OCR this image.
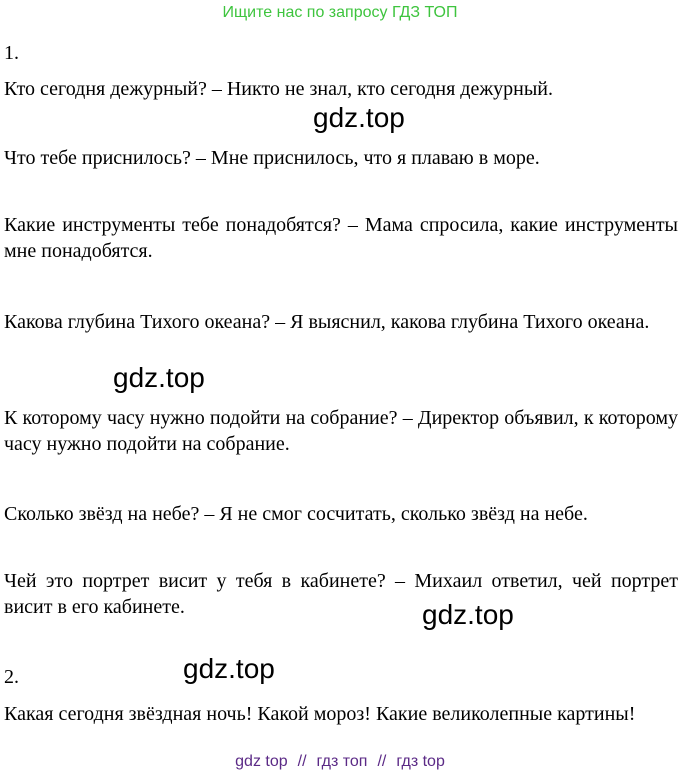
Ищите нас по запросу ГДЗ ТОП
1.
Кто сегодня дежурный? – Никто не знал, кто сегодня дежурный.
gdz.top
Что тебе приснилось? – Мне приснилось, что я плаваю в море.
Какие инструменты тебе понадобятся? – Мама спросила, какие инструменты мне понадобятся.
Какова глубина Тихого океана? – Я выяснил, какова глубина Тихого океана.
gdz.top
К которому часу нужно подойти на собрание? – Директор объявил, к которому часу нужно подойти на собрание.
Сколько звёзд на небе? – Я не смог сосчитать, сколько звёзд на небе.
Чей это портрет висит у тебя в кабинете? – Михаил ответил, чей портрет висит в его кабинете.	gdz.top
gdz.top
2.
Какая сегодня звёздная ночь! Какой мороз! Какие великолепные картины!
gdz top // гдз топ // гдз top
